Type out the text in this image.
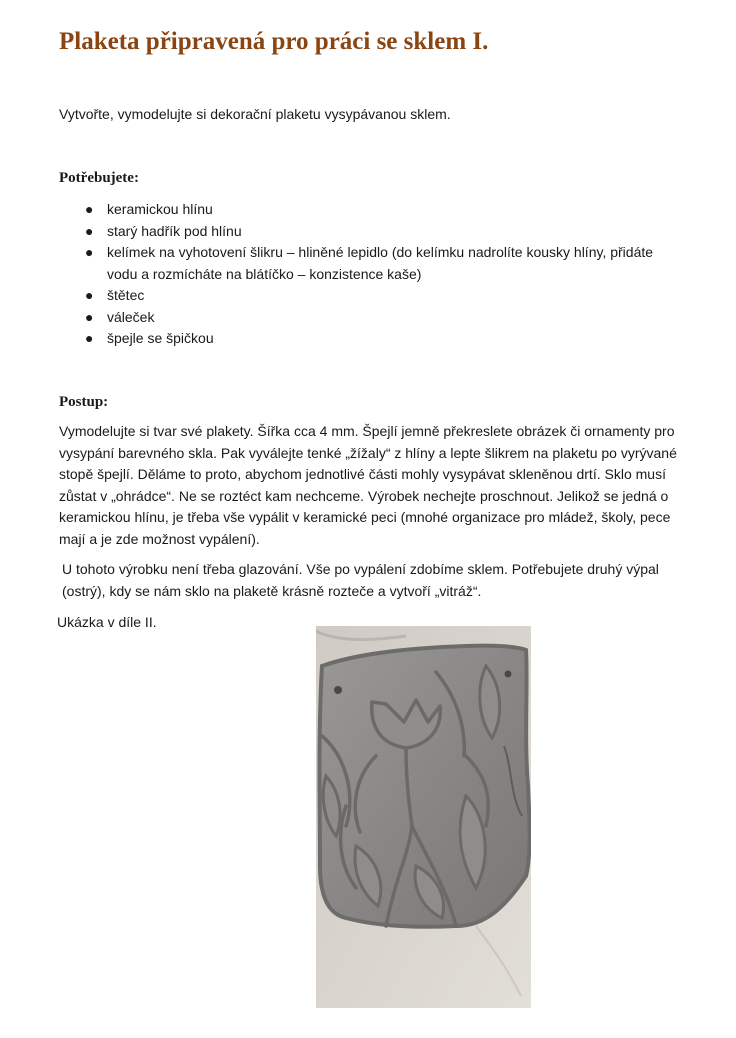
Plaketa připravená pro práci se sklem I.

Vytvořte, vymodelujte si dekorační plaketu vysypávanou sklem.

Potřebujete:
● keramickou hlínu
● starý hadřík pod hlínu
● kelímek na vyhotovení šlikru – hliněné lepidlo (do kelímku nadrolíte kousky hlíny, přidáte vodu a rozmícháte na blátíčko – konzistence kaše)
● štětec
● váleček
● špejle se špičkou
Postup:

Vymodelujte si tvar své plakety. Šířka cca 4 mm. Špejlí jemně překreslete obrázek či ornamenty pro vysypání barevného skla. Pak vyválejte tenké „žížaly“ z hlíny a lepte šlikrem na plaketu po vyrývané stopě špejlí. Děláme to proto, abychom jednotlivé části mohly vysypávat skleněnou drtí. Sklo musí zůstat v „ohrádce“. Ne se roztéct kam nechceme. Výrobek nechejte proschnout. Jelikož se jedná o keramickou hlínu, je třeba vše vypálit v keramické peci (mnohé organizace pro mládež, školy, pece mají a je zde možnost vypálení).

U tohoto výrobku není třeba glazování. Vše po vypálení zdobíme sklem. Potřebujete druhý výpal (ostrý), kdy se nám sklo na plaketě krásně rozteče a vytvoří „vitráž“.

Ukázka v díle II.
